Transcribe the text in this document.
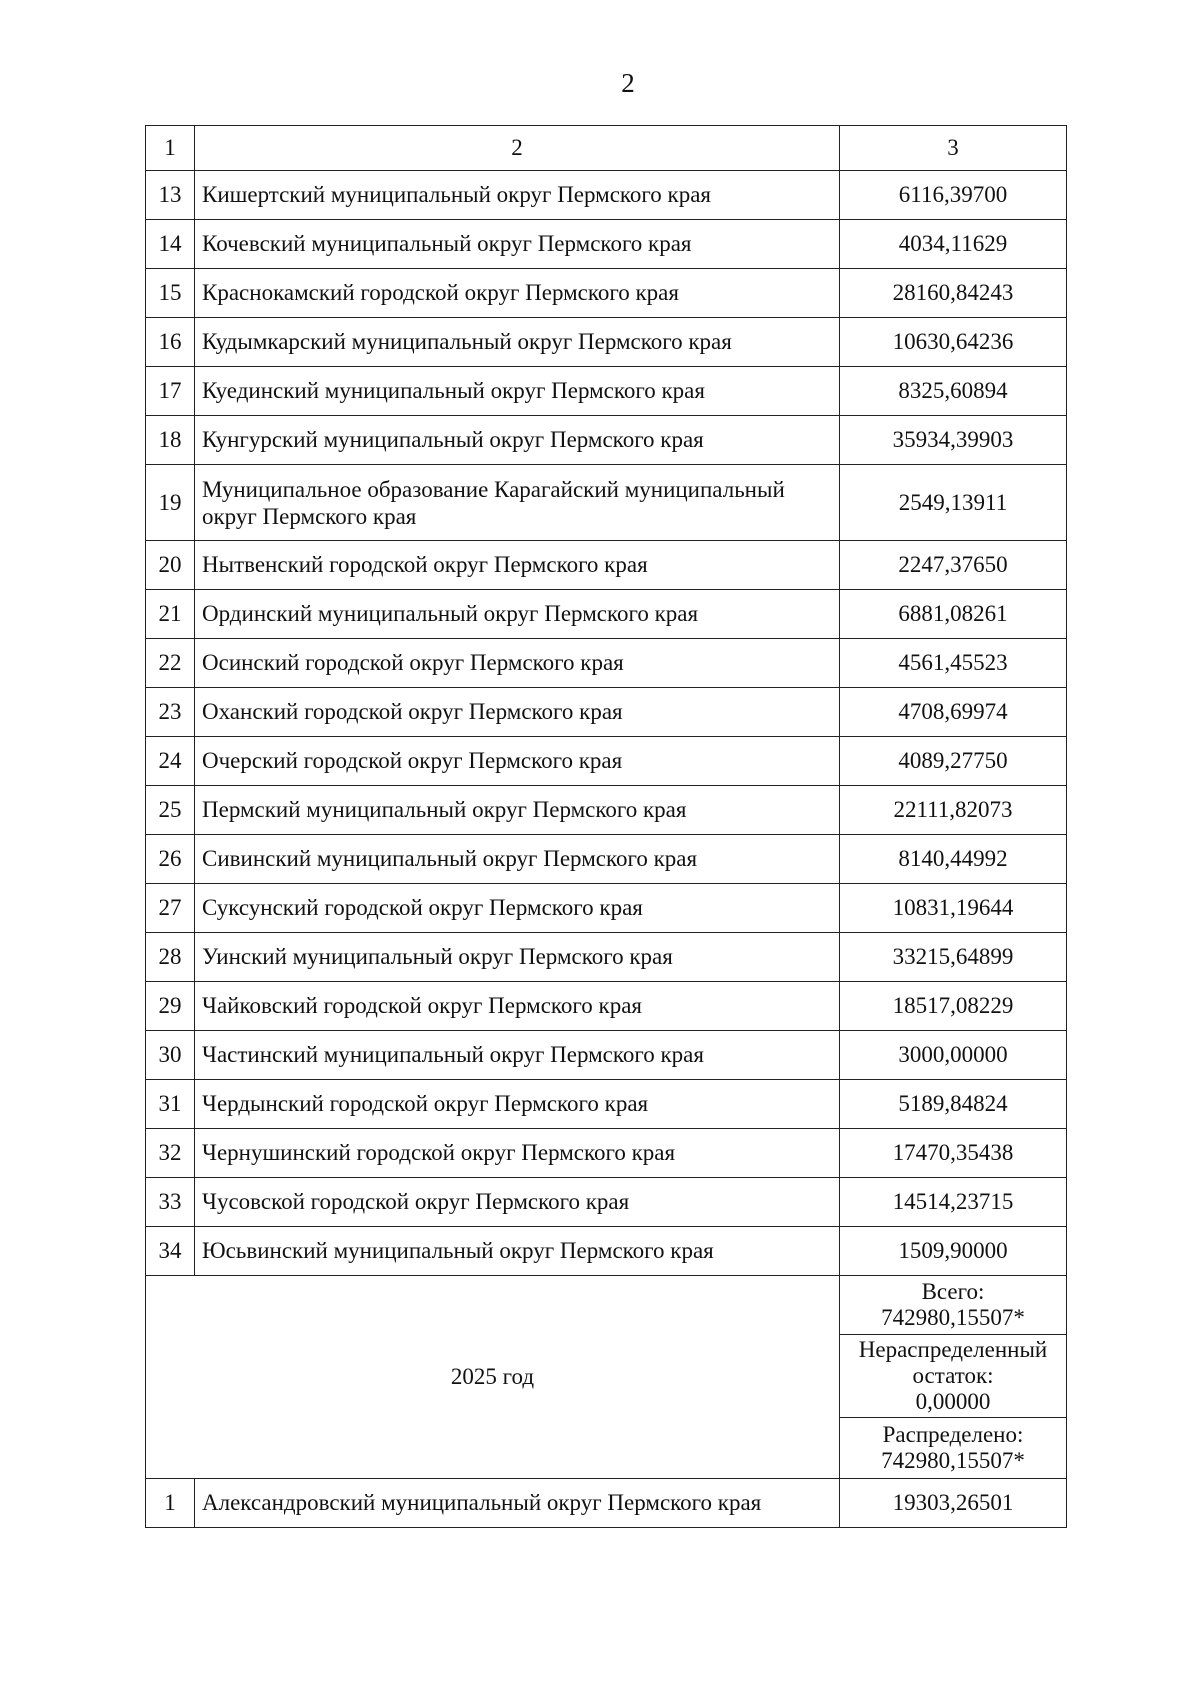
2
1	2	3
13	Кишертский муниципальный округ Пермского края	6116,39700
14	Кочевский муниципальный округ Пермского края	4034,11629
15	Краснокамский городской округ Пермского края	28160,84243
16	Кудымкарский муниципальный округ Пермского края	10630,64236
17	Куединский муниципальный округ Пермского края	8325,60894
18	Кунгурский муниципальный округ Пермского края	35934,39903
19	Муниципальное образование Карагайский муниципальный округ Пермского края	2549,13911
20	Нытвенский городской округ Пермского края	2247,37650
21	Ординский муниципальный округ Пермского края	6881,08261
22	Осинский городской округ Пермского края	4561,45523
23	Оханский городской округ Пермского края	4708,69974
24	Очерский городской округ Пермского края	4089,27750
25	Пермский муниципальный округ Пермского края	22111,82073
26	Сивинский муниципальный округ Пермского края	8140,44992
27	Суксунский городской округ Пермского края	10831,19644
28	Уинский муниципальный округ Пермского края	33215,64899
29	Чайковский городской округ Пермского края	18517,08229
30	Частинский муниципальный округ Пермского края	3000,00000
31	Чердынский городской округ Пермского края	5189,84824
32	Чернушинский городской округ Пермского края	17470,35438
33	Чусовской городской округ Пермского края	14514,23715
34	Юсьвинский муниципальный округ Пермского края	1509,90000
2025 год		Всего:
742980,15507*

		Нераспределенный остаток:
0,00000

		Распределено:
742980,15507*

1	Александровский муниципальный округ Пермского края	19303,26501
